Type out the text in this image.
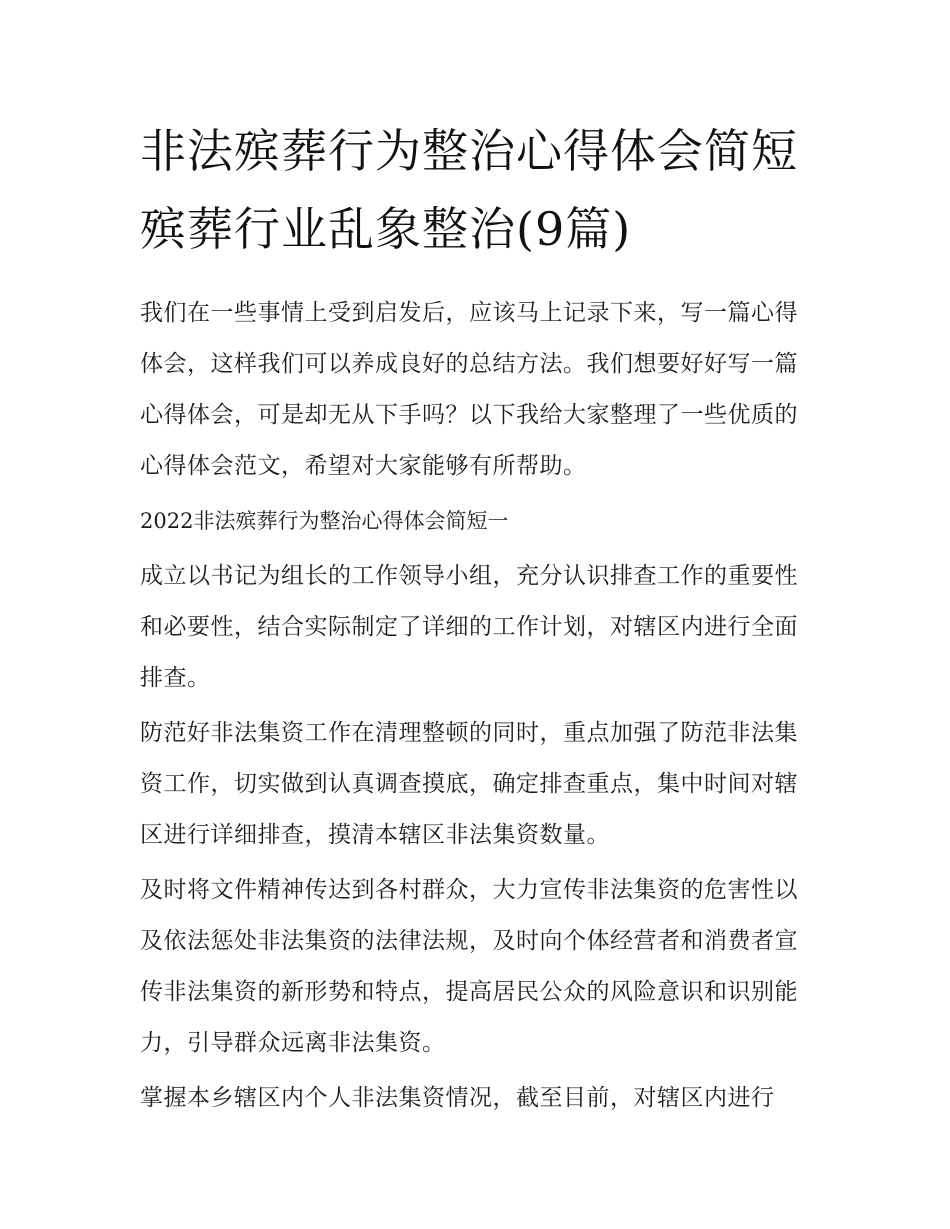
非法殡葬行为整治心得体会简短 殡葬行业乱象整治(9篇)

我们在一些事情上受到启发后，应该马上记录下来，写一篇心得体会，这样我们可以养成良好的总结方法。我们想要好好写一篇心得体会，可是却无从下手吗？以下我给大家整理了一些优质的心得体会范文，希望对大家能够有所帮助。

2022非法殡葬行为整治心得体会简短一

成立以书记为组长的工作领导小组，充分认识排查工作的重要性和必要性，结合实际制定了详细的工作计划，对辖区内进行全面排查。

防范好非法集资工作在清理整顿的同时，重点加强了防范非法集资工作，切实做到认真调查摸底，确定排查重点，集中时间对辖区进行详细排查，摸清本辖区非法集资数量。

及时将文件精神传达到各村群众，大力宣传非法集资的危害性以及依法惩处非法集资的法律法规，及时向个体经营者和消费者宣传非法集资的新形势和特点，提高居民公众的风险意识和识别能力，引导群众远离非法集资。

掌握本乡辖区内个人非法集资情况，截至目前，对辖区内进行
